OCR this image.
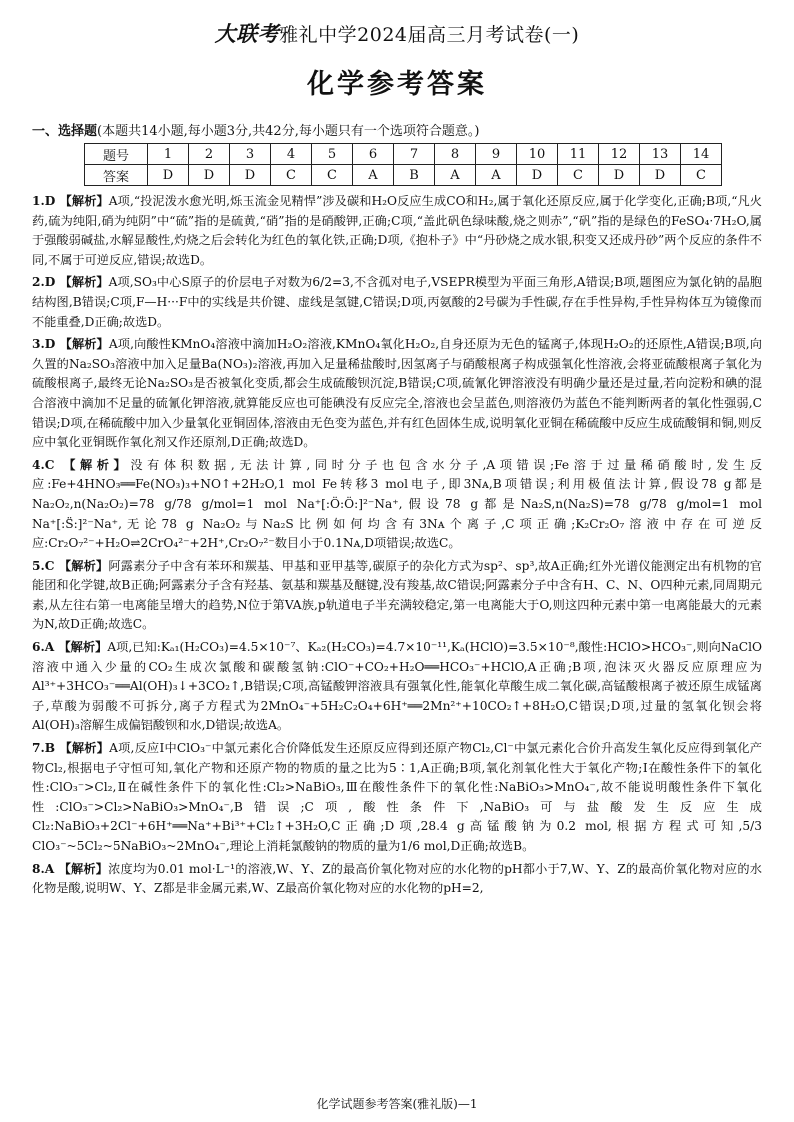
大联考雅礼中学2024届高三月考试卷(一)
化学参考答案
一、选择题(本题共14小题,每小题3分,共42分,每小题只有一个选项符合题意。)
题号	1	2	3	4	5	6	7	8	9	10	11	12	13	14
答案	D	D	D	C	C	A	B	A	A	D	C	D	D	C

1.D 【解析】A项,“投泥泼水愈光明,烁玉流金见精悍”涉及碳和H₂O反应生成CO和H₂,属于氧化还原反应,属于化学变化,正确;B项,“凡火药,硫为纯阳,硝为纯阴”中“硫”指的是硫黄,“硝”指的是硝酸钾,正确;C项,“盖此矾色绿味酸,烧之则赤”,“矾”指的是绿色的FeSO₄·7H₂O,属于强酸弱碱盐,水解显酸性,灼烧之后会转化为红色的氧化铁,正确;D项,《抱朴子》中“丹砂烧之成水银,积变又还成丹砂”两个反应的条件不同,不属于可逆反应,错误;故选D。

2.D 【解析】A项,SO₃中心S原子的价层电子对数为6/2=3,不含孤对电子,VSEPR模型为平面三角形,A错误;B项,题图应为氯化钠的晶胞结构图,B错误;C项,F—H···F中的实线是共价键、虚线是氢键,C错误;D项,丙氨酸的2号碳为手性碳,存在手性异构,手性异构体互为镜像而不能重叠,D正确;故选D。

3.D 【解析】A项,向酸性KMnO₄溶液中滴加H₂O₂溶液,KMnO₄氧化H₂O₂,自身还原为无色的锰离子,体现H₂O₂的还原性,A错误;B项,向久置的Na₂SO₃溶液中加入足量Ba(NO₃)₂溶液,再加入足量稀盐酸时,因氢离子与硝酸根离子构成强氧化性溶液,会将亚硫酸根离子氧化为硫酸根离子,最终无论Na₂SO₃是否被氧化变质,都会生成硫酸钡沉淀,B错误;C项,硫氰化钾溶液没有明确少量还是过量,若向淀粉和碘的混合溶液中滴加不足量的硫氰化钾溶液,就算能反应也可能碘没有反应完全,溶液也会呈蓝色,则溶液仍为蓝色不能判断两者的氧化性强弱,C错误;D项,在稀硫酸中加入少量氧化亚铜固体,溶液由无色变为蓝色,并有红色固体生成,说明氧化亚铜在稀硫酸中反应生成硫酸铜和铜,则反应中氧化亚铜既作氧化剂又作还原剂,D正确;故选D。

4.C 【解析】没有体积数据,无法计算,同时分子也包含水分子,A项错误;Fe溶于过量稀硝酸时,发生反应:Fe+4HNO₃══Fe(NO₃)₃+NO↑+2H₂O,1 mol Fe转移3 mol电子,即3Nᴀ,B项错误;利用极值法计算,假设78 g都是Na₂O₂,n(Na₂O₂)=78 g/78 g/mol=1 mol Na⁺[:Ö:Ö:]²⁻Na⁺,假设78 g都是Na₂S,n(Na₂S)=78 g/78 g/mol=1 mol Na⁺[:S̈:]²⁻Na⁺,无论78 g Na₂O₂与Na₂S比例如何均含有3Nᴀ个离子,C项正确;K₂Cr₂O₇溶液中存在可逆反应:Cr₂O₇²⁻+H₂O⇌2CrO₄²⁻+2H⁺,Cr₂O₇²⁻数目小于0.1Nᴀ,D项错误;故选C。

5.C 【解析】阿露素分子中含有苯环和羰基、甲基和亚甲基等,碳原子的杂化方式为sp²、sp³,故A正确;红外光谱仪能测定出有机物的官能团和化学键,故B正确;阿露素分子含有羟基、氨基和羰基及醚键,没有羧基,故C错误;阿露素分子中含有H、C、N、O四种元素,同周期元素,从左往右第一电离能呈增大的趋势,N位于第VA族,p轨道电子半充满较稳定,第一电离能大于O,则这四种元素中第一电离能最大的元素为N,故D正确;故选C。

6.A 【解析】A项,已知:Kₐ₁(H₂CO₃)=4.5×10⁻⁷、Kₐ₂(H₂CO₃)=4.7×10⁻¹¹,Kₐ(HClO)=3.5×10⁻⁸,酸性:HClO>HCO₃⁻,则向NaClO溶液中通入少量的CO₂生成次氯酸和碳酸氢钠:ClO⁻+CO₂+H₂O══HCO₃⁻+HClO,A正确;B项,泡沫灭火器反应原理应为Al³⁺+3HCO₃⁻══Al(OH)₃↓+3CO₂↑,B错误;C项,高锰酸钾溶液具有强氧化性,能氧化草酸生成二氧化碳,高锰酸根离子被还原生成锰离子,草酸为弱酸不可拆分,离子方程式为2MnO₄⁻+5H₂C₂O₄+6H⁺══2Mn²⁺+10CO₂↑+8H₂O,C错误;D项,过量的氢氧化钡会将Al(OH)₃溶解生成偏铝酸钡和水,D错误;故选A。

7.B 【解析】A项,反应Ⅰ中ClO₃⁻中氯元素化合价降低发生还原反应得到还原产物Cl₂,Cl⁻中氯元素化合价升高发生氧化反应得到氧化产物Cl₂,根据电子守恒可知,氧化产物和还原产物的物质的量之比为5∶1,A正确;B项,氧化剂氧化性大于氧化产物;Ⅰ在酸性条件下的氧化性:ClO₃⁻>Cl₂,Ⅱ在碱性条件下的氧化性:Cl₂>NaBiO₃,Ⅲ在酸性条件下的氧化性:NaBiO₃>MnO₄⁻,故不能说明酸性条件下氧化性:ClO₃⁻>Cl₂>NaBiO₃>MnO₄⁻,B错误;C项,酸性条件下,NaBiO₃可与盐酸发生反应生成Cl₂:NaBiO₃+2Cl⁻+6H⁺══Na⁺+Bi³⁺+Cl₂↑+3H₂O,C正确;D项,28.4 g高锰酸钠为0.2 mol,根据方程式可知,5/3 ClO₃⁻~5Cl₂~5NaBiO₃~2MnO₄⁻,理论上消耗氯酸钠的物质的量为1/6 mol,D正确;故选B。

8.A 【解析】浓度均为0.01 mol·L⁻¹的溶液,W、Y、Z的最高价氧化物对应的水化物的pH都小于7,W、Y、Z的最高价氧化物对应的水化物是酸,说明W、Y、Z都是非金属元素,W、Z最高价氧化物对应的水化物的pH=2,

化学试题参考答案(雅礼版)—1
